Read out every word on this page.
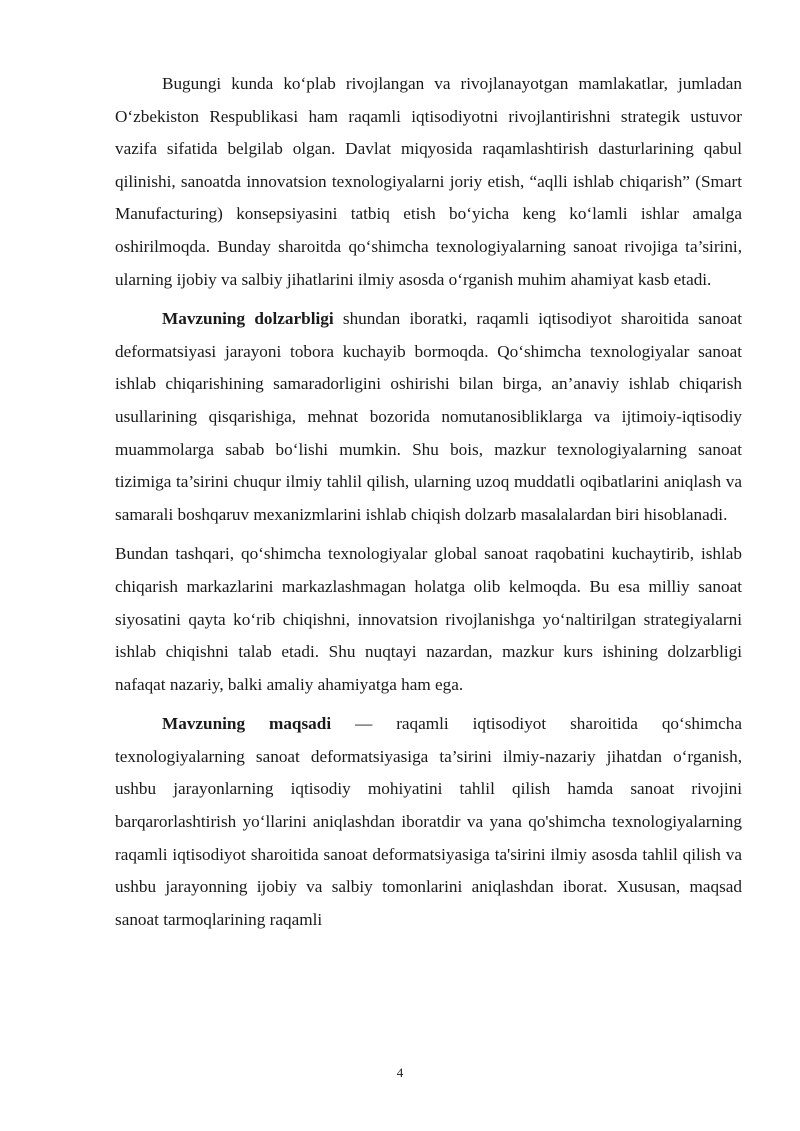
Bugungi kunda ko‘plab rivojlangan va rivojlanayotgan mamlakatlar, jumladan O‘zbekiston Respublikasi ham raqamli iqtisodiyotni rivojlantirishni strategik ustuvor vazifa sifatida belgilab olgan. Davlat miqyosida raqamlashtirish dasturlarining qabul qilinishi, sanoatda innovatsion texnologiyalarni joriy etish, “aqlli ishlab chiqarish” (Smart Manufacturing) konsepsiyasini tatbiq etish bo‘yicha keng ko‘lamli ishlar amalga oshirilmoqda. Bunday sharoitda qo‘shimcha texnologiyalarning sanoat rivojiga ta’sirini, ularning ijobiy va salbiy jihatlarini ilmiy asosda o‘rganish muhim ahamiyat kasb etadi.

Mavzuning dolzarbligi shundan iboratki, raqamli iqtisodiyot sharoitida sanoat deformatsiyasi jarayoni tobora kuchayib bormoqda. Qo‘shimcha texnologiyalar sanoat ishlab chiqarishining samaradorligini oshirishi bilan birga, an’anaviy ishlab chiqarish usullarining qisqarishiga, mehnat bozorida nomutanosibliklarga va ijtimoiy-iqtisodiy muammolarga sabab bo‘lishi mumkin. Shu bois, mazkur texnologiyalarning sanoat tizimiga ta’sirini chuqur ilmiy tahlil qilish, ularning uzoq muddatli oqibatlarini aniqlash va samarali boshqaruv mexanizmlarini ishlab chiqish dolzarb masalalardan biri hisoblanadi.

Bundan tashqari, qo‘shimcha texnologiyalar global sanoat raqobatini kuchaytirib, ishlab chiqarish markazlarini markazlashmagan holatga olib kelmoqda. Bu esa milliy sanoat siyosatini qayta ko‘rib chiqishni, innovatsion rivojlanishga yo‘naltirilgan strategiyalarni ishlab chiqishni talab etadi. Shu nuqtayi nazardan, mazkur kurs ishining dolzarbligi nafaqat nazariy, balki amaliy ahamiyatga ham ega.

Mavzuning maqsadi — raqamli iqtisodiyot sharoitida qo‘shimcha texnologiyalarning sanoat deformatsiyasiga ta’sirini ilmiy-nazariy jihatdan o‘rganish, ushbu jarayonlarning iqtisodiy mohiyatini tahlil qilish hamda sanoat rivojini barqarorlashtirish yo‘llarini aniqlashdan iboratdir va yana qo'shimcha texnologiyalarning raqamli iqtisodiyot sharoitida sanoat deformatsiyasiga ta'sirini ilmiy asosda tahlil qilish va ushbu jarayonning ijobiy va salbiy tomonlarini aniqlashdan iborat. Xususan, maqsad sanoat tarmoqlarining raqamli

4
